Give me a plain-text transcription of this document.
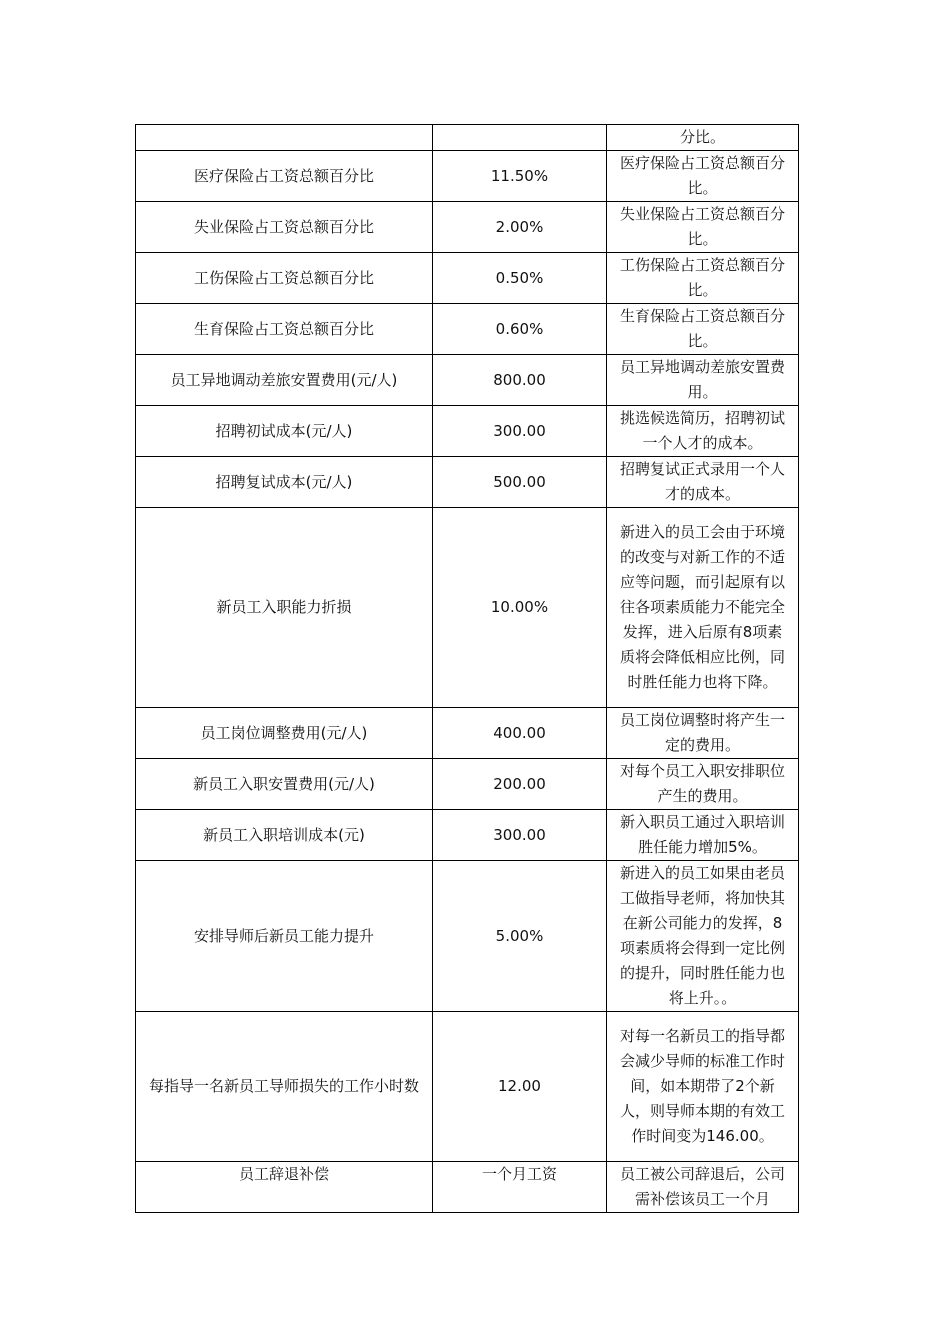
		分比。
医疗保险占工资总额百分比	11.50%	医疗保险占工资总额百分比。
失业保险占工资总额百分比	2.00%	失业保险占工资总额百分比。
工伤保险占工资总额百分比	0.50%	工伤保险占工资总额百分比。
生育保险占工资总额百分比	0.60%	生育保险占工资总额百分比。
员工异地调动差旅安置费用(元/人)	800.00	员工异地调动差旅安置费用。
招聘初试成本(元/人)	300.00	挑选候选简历，招聘初试一个人才的成本。
招聘复试成本(元/人)	500.00	招聘复试正式录用一个人才的成本。
新员工入职能力折损	10.00%	新进入的员工会由于环境的改变与对新工作的不适应等问题，而引起原有以往各项素质能力不能完全发挥，进入后原有8项素质将会降低相应比例，同时胜任能力也将下降。
员工岗位调整费用(元/人)	400.00	员工岗位调整时将产生一定的费用。
新员工入职安置费用(元/人)	200.00	对每个员工入职安排职位产生的费用。
新员工入职培训成本(元)	300.00	新入职员工通过入职培训胜任能力增加5%。
安排导师后新员工能力提升	5.00%	新进入的员工如果由老员工做指导老师，将加快其在新公司能力的发挥，8项素质将会得到一定比例的提升，同时胜任能力也将上升。。
每指导一名新员工导师损失的工作小时数	12.00	对每一名新员工的指导都会减少导师的标准工作时间，如本期带了2个新人，则导师本期的有效工作时间变为146.00。
员工辞退补偿	一个月工资	员工被公司辞退后，公司需补偿该员工一个月
